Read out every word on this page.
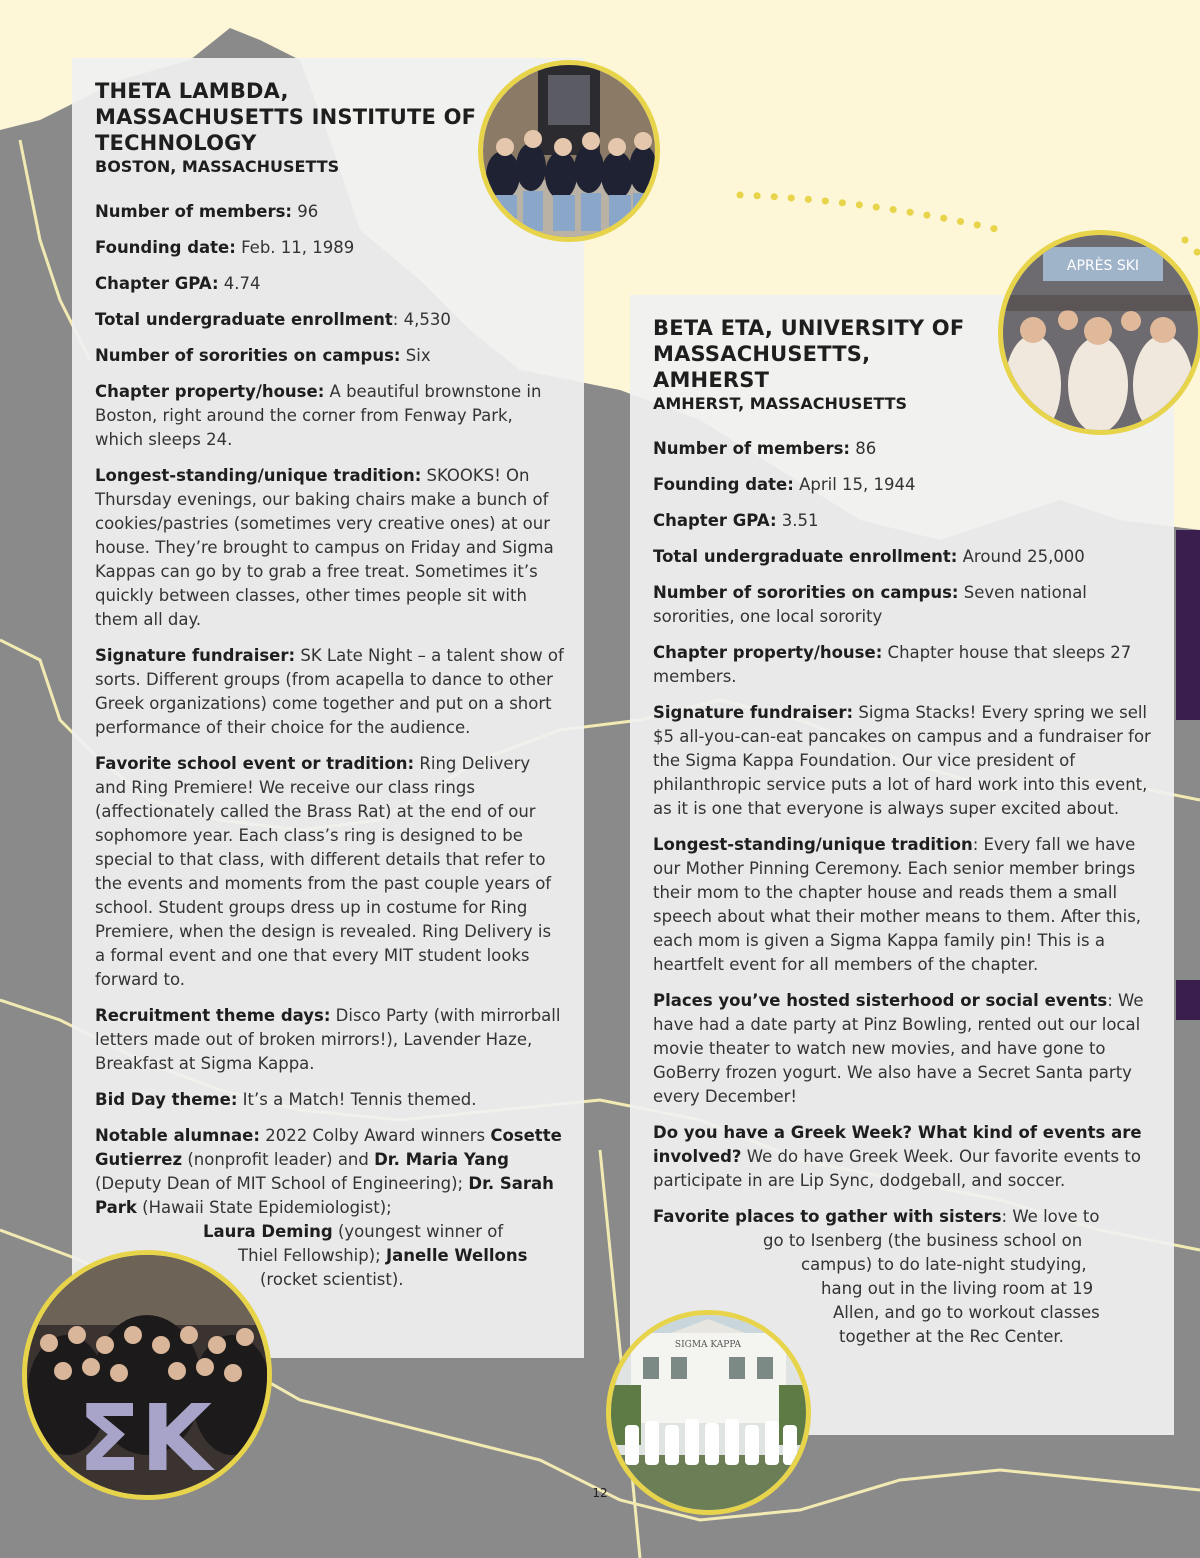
THETA LAMBDA, MASSACHUSETTS INSTITUTE OF TECHNOLOGY
BOSTON, MASSACHUSETTS
Number of members: 96
Founding date: Feb. 11, 1989
Chapter GPA: 4.74
Total undergraduate enrollment: 4,530
Number of sororities on campus: Six
Chapter property/house: A beautiful brownstone in Boston, right around the corner from Fenway Park, which sleeps 24.
Longest-standing/unique tradition: SKOOKS! On Thursday evenings, our baking chairs make a bunch of cookies/pastries (sometimes very creative ones) at our house. They’re brought to campus on Friday and Sigma Kappas can go by to grab a free treat. Sometimes it’s quickly between classes, other times people sit with them all day.
Signature fundraiser: SK Late Night – a talent show of sorts. Different groups (from acapella to dance to other Greek organizations) come together and put on a short performance of their choice for the audience.
Favorite school event or tradition: Ring Delivery and Ring Premiere! We receive our class rings (affectionately called the Brass Rat) at the end of our sophomore year. Each class’s ring is designed to be special to that class, with different details that refer to the events and moments from the past couple years of school. Student groups dress up in costume for Ring Premiere, when the design is revealed. Ring Delivery is a formal event and one that every MIT student looks forward to.
Recruitment theme days: Disco Party (with mirrorball letters made out of broken mirrors!), Lavender Haze, Breakfast at Sigma Kappa.
Bid Day theme: It’s a Match! Tennis themed.
Notable alumnae: 2022 Colby Award winners Cosette Gutierrez (nonprofit leader) and Dr. Maria Yang (Deputy Dean of MIT School of Engineering); Dr. Sarah Park (Hawaii State Epidemiologist);

Laura Deming (youngest winner of
Thiel Fellowship); Janelle Wellons
(rocket scientist).
BETA ETA, UNIVERSITY OF MASSACHUSETTS, AMHERST
AMHERST, MASSACHUSETTS
Number of members: 86
Founding date: April 15, 1944
Chapter GPA: 3.51
Total undergraduate enrollment: Around 25,000
Number of sororities on campus: Seven national sororities, one local sorority
Chapter property/house: Chapter house that sleeps 27 members.
Signature fundraiser: Sigma Stacks! Every spring we sell $5 all-you-can-eat pancakes on campus and a fundraiser for the Sigma Kappa Foundation. Our vice president of philanthropic service puts a lot of hard work into this event, as it is one that everyone is always super excited about.
Longest-standing/unique tradition: Every fall we have our Mother Pinning Ceremony. Each senior member brings their mom to the chapter house and reads them a small speech about what their mother means to them. After this, each mom is given a Sigma Kappa family pin! This is a heartfelt event for all members of the chapter.
Places you’ve hosted sisterhood or social events: We have had a date party at Pinz Bowling, rented out our local movie theater to watch new movies, and have gone to GoBerry frozen yogurt. We also have a Secret Santa party every December!
Do you have a Greek Week? What kind of events are involved? We do have Greek Week. Our favorite events to participate in are Lip Sync, dodgeball, and soccer.
Favorite places to gather with sisters: We love to
go to Isenberg (the business school on
campus) to do late-night studying,
hang out in the living room at 19
Allen, and go to workout classes
together at the Rec Center.
APRÈS SKI
ΣK
SIGMA KAPPA
12
